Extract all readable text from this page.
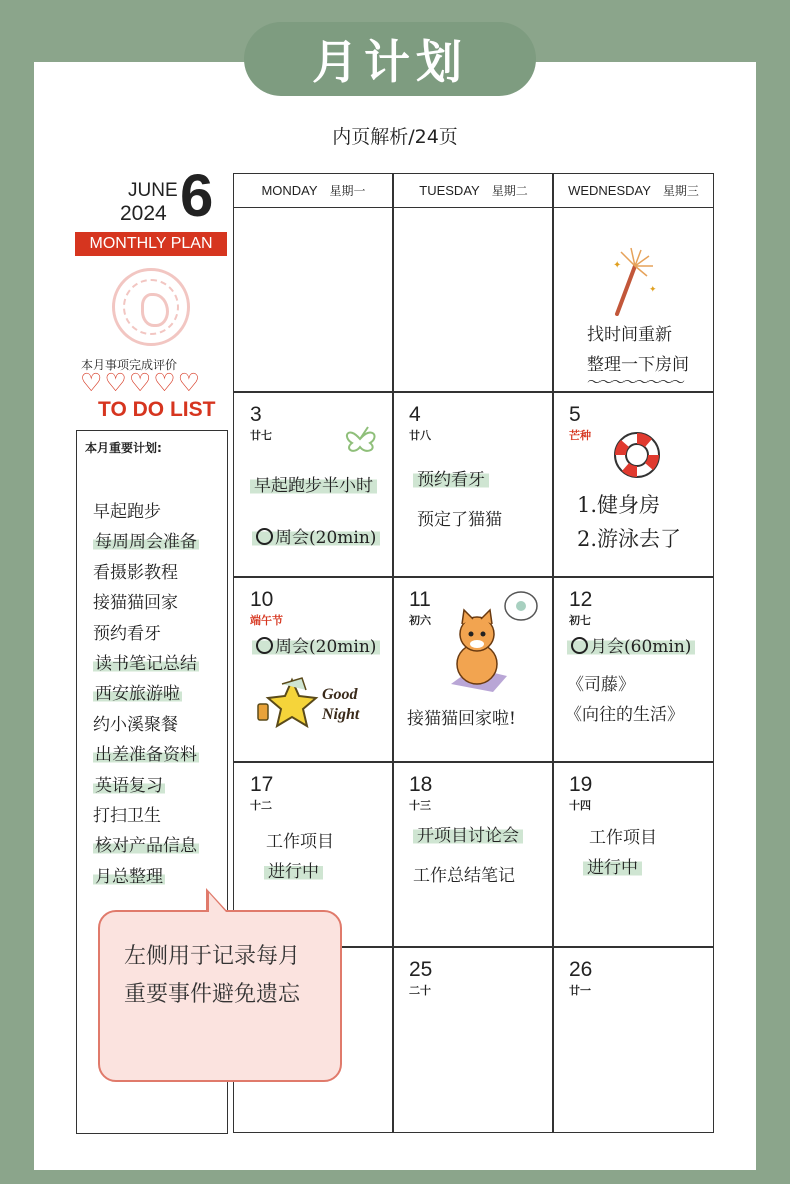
月计划
内页解析/24页
JUNE
2024 6
MONTHLY PLAN
本月事项完成评价
♡♡♡♡♡
TO DO LIST
本月重要计划:
早起跑步
每周周会准备
看摄影教程
接猫猫回家
预约看牙
读书笔记总结
西安旅游啦
约小溪聚餐
出差准备资料
英语复习
打扫卫生
核对产品信息
月总整理
MONDAY 星期一	TUESDAY 星期二	WEDNESDAY 星期三
✦
✦
找时间重新
整理一下房间
～～～～～～～～
3
廿七
早起跑步半小时
周会(20min)
4
廿八
预约看牙
预定了猫猫
5
芒种
1.健身房
2.游泳去了
10
端午节
周会(20min)
Good
Night
11
初六
接猫猫回家啦!
12
初七
月会(60min)
《司藤》
《向往的生活》
17
十二
工作项目
进行中
18
十三
开项目讨论会
工作总结笔记
19
十四
工作项目
进行中
25
二十
26
廿一
左侧用于记录每月重要事件避免遗忘
